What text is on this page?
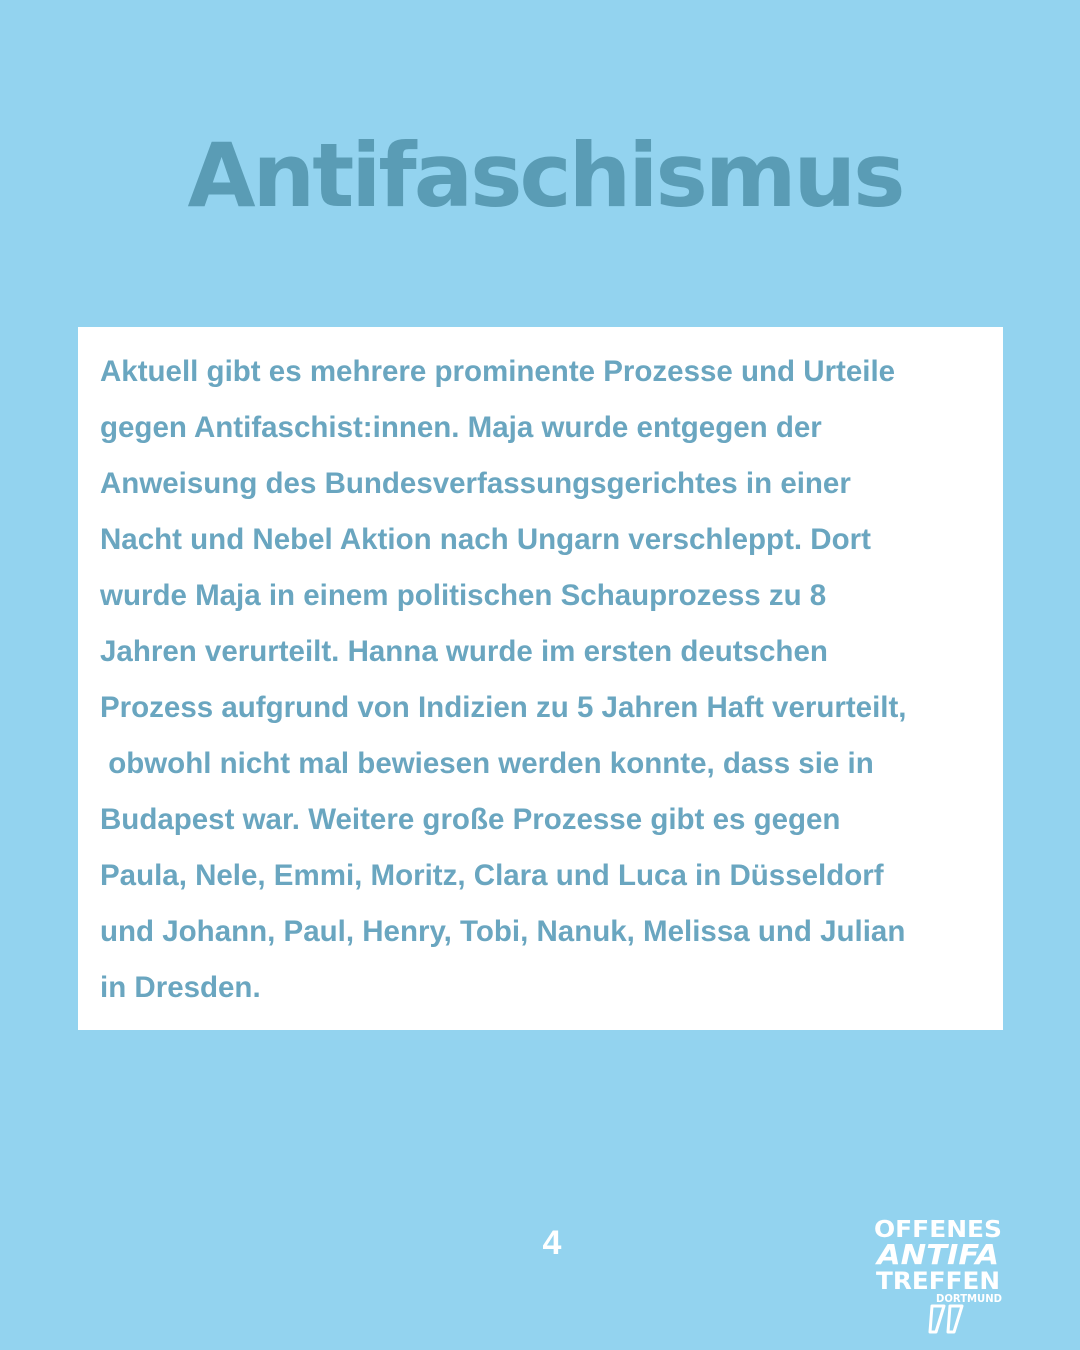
Antifaschismus

Aktuell gibt es mehrere prominente Prozesse und Urteile
gegen Antifaschist:innen. Maja wurde entgegen der
Anweisung des Bundesverfassungsgerichtes in einer
Nacht und Nebel Aktion nach Ungarn verschleppt. Dort
wurde Maja in einem politischen Schauprozess zu 8
Jahren verurteilt. Hanna wurde im ersten deutschen
Prozess aufgrund von Indizien zu 5 Jahren Haft verurteilt,
obwohl nicht mal bewiesen werden konnte, dass sie in
Budapest war. Weitere große Prozesse gibt es gegen
Paula, Nele, Emmi, Moritz, Clara und Luca in Düsseldorf
und Johann, Paul, Henry, Tobi, Nanuk, Melissa und Julian
in Dresden.

4	OFFENES
ANTIFA
TREFFEN
DORTMUND
